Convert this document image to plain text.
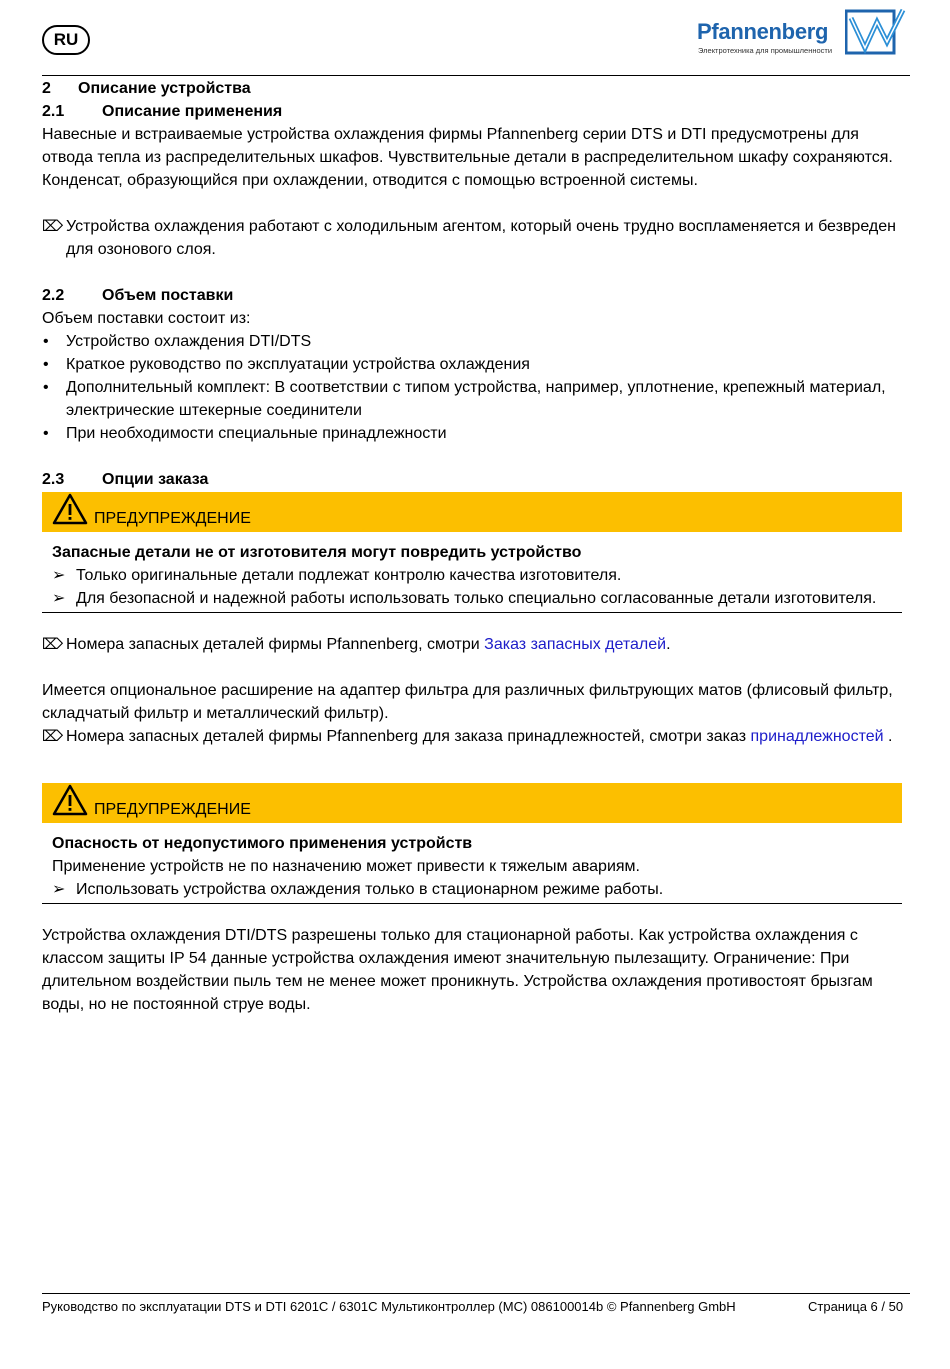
RU	Pfannenberg
Электротехника для промышленности
2 Описание устройства
2.1 Описание применения

Навесные и встраиваемые устройства охлаждения фирмы Pfannenberg серии DTS и DTI предусмотрены для отвода тепла из распределительных шкафов. Чувствительные детали в распределительном шкафу сохраняются. Конденсат, образующийся при охлаждении, отводится с помощью встроенной системы.

⌦ Устройства охлаждения работают с холодильным агентом, который очень трудно воспламеняется и безвреден для озонового слоя.
2.2 Объем поставки

Объем поставки состоит из:

•	Устройство охлаждения DTI/DTS
•	Краткое руководство по эксплуатации устройства охлаждения
•	Дополнительный комплект: В соответствии с типом устройства, например, уплотнение, крепежный материал, электрические штекерные соединители
•	При необходимости специальные принадлежности
2.3 Опции заказа
ПРЕДУПРЕЖДЕНИЕ
Запасные детали не от изготовителя могут повредить устройство
➢ Только оригинальные детали подлежат контролю качества изготовителя.
➢ Для безопасной и надежной работы использовать только специально согласованные детали изготовителя.
⌦ Номера запасных деталей фирмы Pfannenberg, смотри Заказ запасных деталей.

Имеется опциональное расширение на адаптер фильтра для различных фильтрующих матов (флисовый фильтр, складчатый фильтр и металлический фильтр).

⌦ Номера запасных деталей фирмы Pfannenberg для заказа принадлежностей, смотри заказ принадлежностей .
ПРЕДУПРЕЖДЕНИЕ
Опасность от недопустимого применения устройств
Применение устройств не по назначению может привести к тяжелым авариям.
➢ Использовать устройства охлаждения только в стационарном режиме работы.

Устройства охлаждения DTI/DTS разрешены только для стационарной работы. Как устройства охлаждения с классом защиты IP 54 данные устройства охлаждения имеют значительную пылезащиту. Ограничение: При длительном воздействии пыль тем не менее может проникнуть. Устройства охлаждения противостоят брызгам воды, но не постоянной струе воды.

Руководство по эксплуатации DTS и DTI 6201C / 6301C Мультиконтроллер (MC) 086100014b © Pfannenberg GmbH	Страница 6 / 50
